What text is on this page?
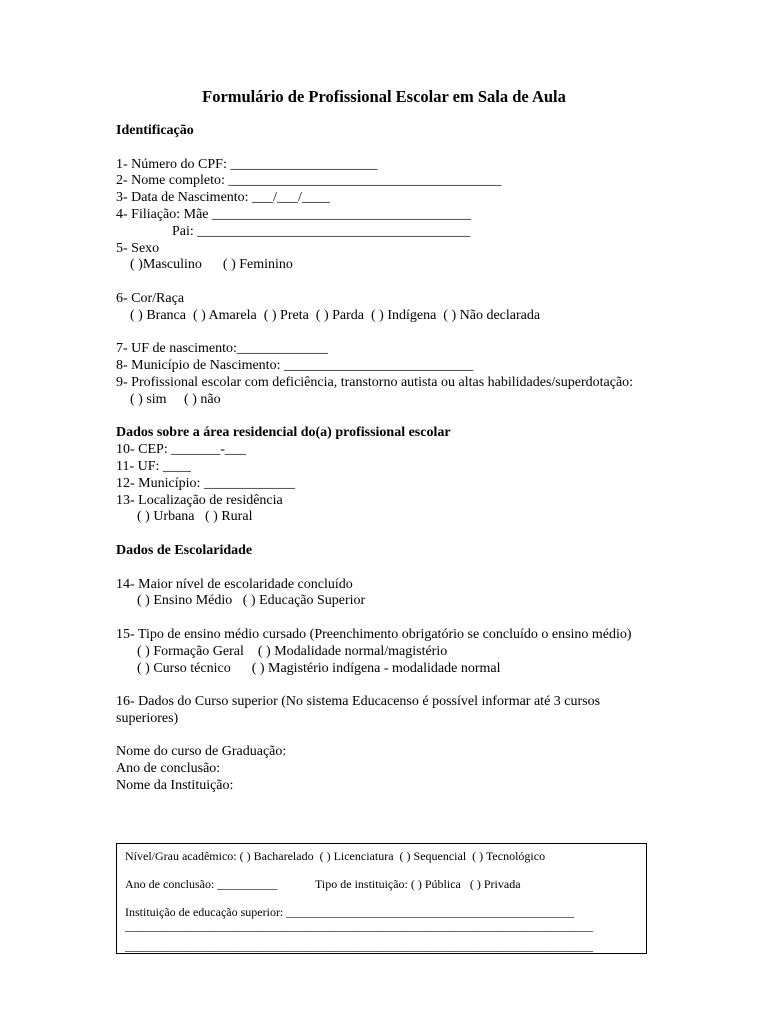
Formulário de Profissional Escolar em Sala de Aula
Identificação
1- Número do CPF: _____________________
2- Nome completo: _______________________________________
3- Data de Nascimento: ___/___/____
4- Filiação: Mãe _____________________________________
Pai: _______________________________________
5- Sexo
( )Masculino      ( ) Feminino
6- Cor/Raça
( ) Branca  ( ) Amarela  ( ) Preta  ( ) Parda  ( ) Indígena  ( ) Não declarada
7- UF de nascimento:_____________
8- Município de Nascimento: ___________________________
9- Profissional escolar com deficiência, transtorno autista ou altas habilidades/superdotação:
( ) sim     ( ) não
Dados sobre a área residencial do(a) profissional escolar
10- CEP: _______-___
11- UF: ____
12- Município: _____________
13- Localização de residência
( ) Urbana   ( ) Rural
Dados de Escolaridade
14- Maior nível de escolaridade concluído
( ) Ensino Médio   ( ) Educação Superior
15- Tipo de ensino médio cursado (Preenchimento obrigatório se concluído o ensino médio)
( ) Formação Geral    ( ) Modalidade normal/magistério
( ) Curso técnico      ( ) Magistério indígena - modalidade normal
16- Dados do Curso superior (No sistema Educacenso é possível informar até 3 cursos superiores)
Nome do curso de Graduação:
Ano de conclusão:
Nome da Instituição:
Nível/Grau acadêmico: ( ) Bacharelado  ( ) Licenciatura  ( ) Sequencial  ( ) Tecnológico
Ano de conclusão: __________	Tipo de instituição: ( ) Pública   ( ) Privada
Instituição de educação superior: ________________________________________________
______________________________________________________________________________
______________________________________________________________________________
